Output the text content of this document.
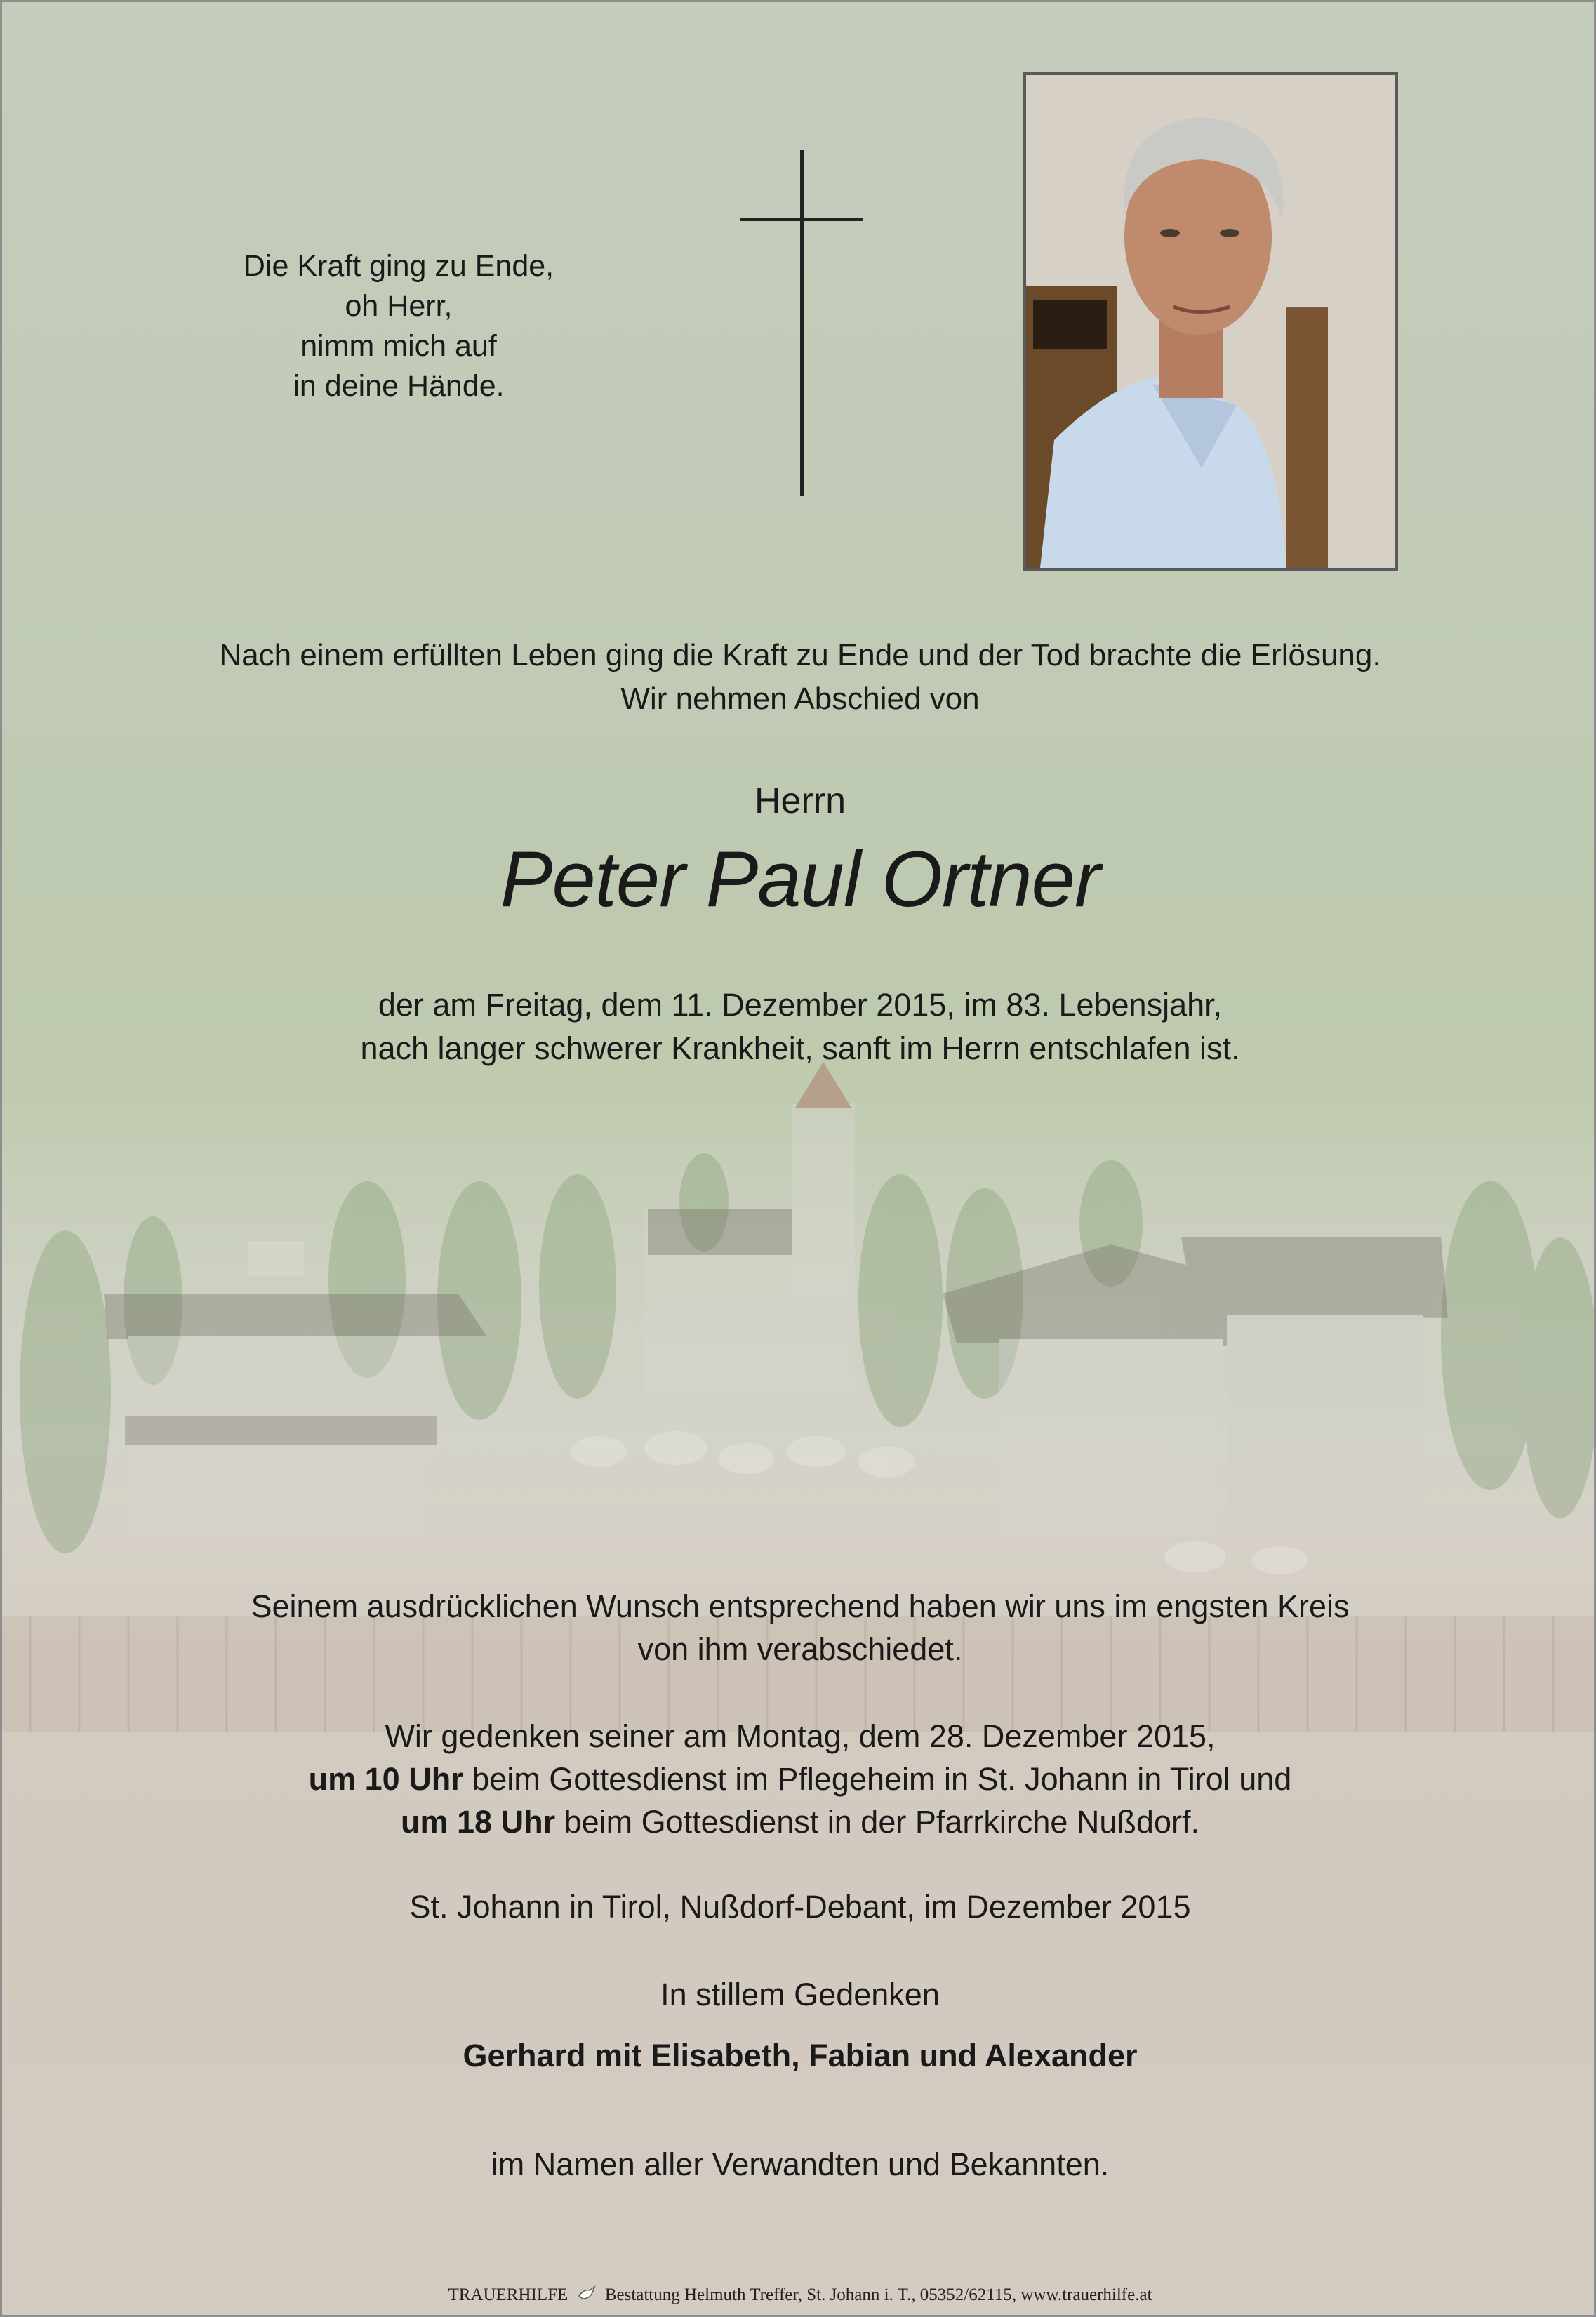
Die Kraft ging zu Ende,
oh Herr,
nimm mich auf
in deine Hände.
Nach einem erfüllten Leben ging die Kraft zu Ende und der Tod brachte die Erlösung.
Wir nehmen Abschied von
Herrn
Peter Paul Ortner
der am Freitag, dem 11. Dezember 2015, im 83. Lebensjahr,
nach langer schwerer Krankheit, sanft im Herrn entschlafen ist.
Seinem ausdrücklichen Wunsch entsprechend haben wir uns im engsten Kreis
von ihm verabschiedet.
Wir gedenken seiner am Montag, dem 28. Dezember 2015,
um 10 Uhr beim Gottesdienst im Pflegeheim in St. Johann in Tirol und
um 18 Uhr beim Gottesdienst in der Pfarrkirche Nußdorf.
St. Johann in Tirol, Nußdorf-Debant, im Dezember 2015
In stillem Gedenken
Gerhard mit Elisabeth, Fabian und Alexander
im Namen aller Verwandten und Bekannten.
TRAUERHILFE Bestattung Helmuth Treffer, St. Johann i. T., 05352/62115, www.trauerhilfe.at
